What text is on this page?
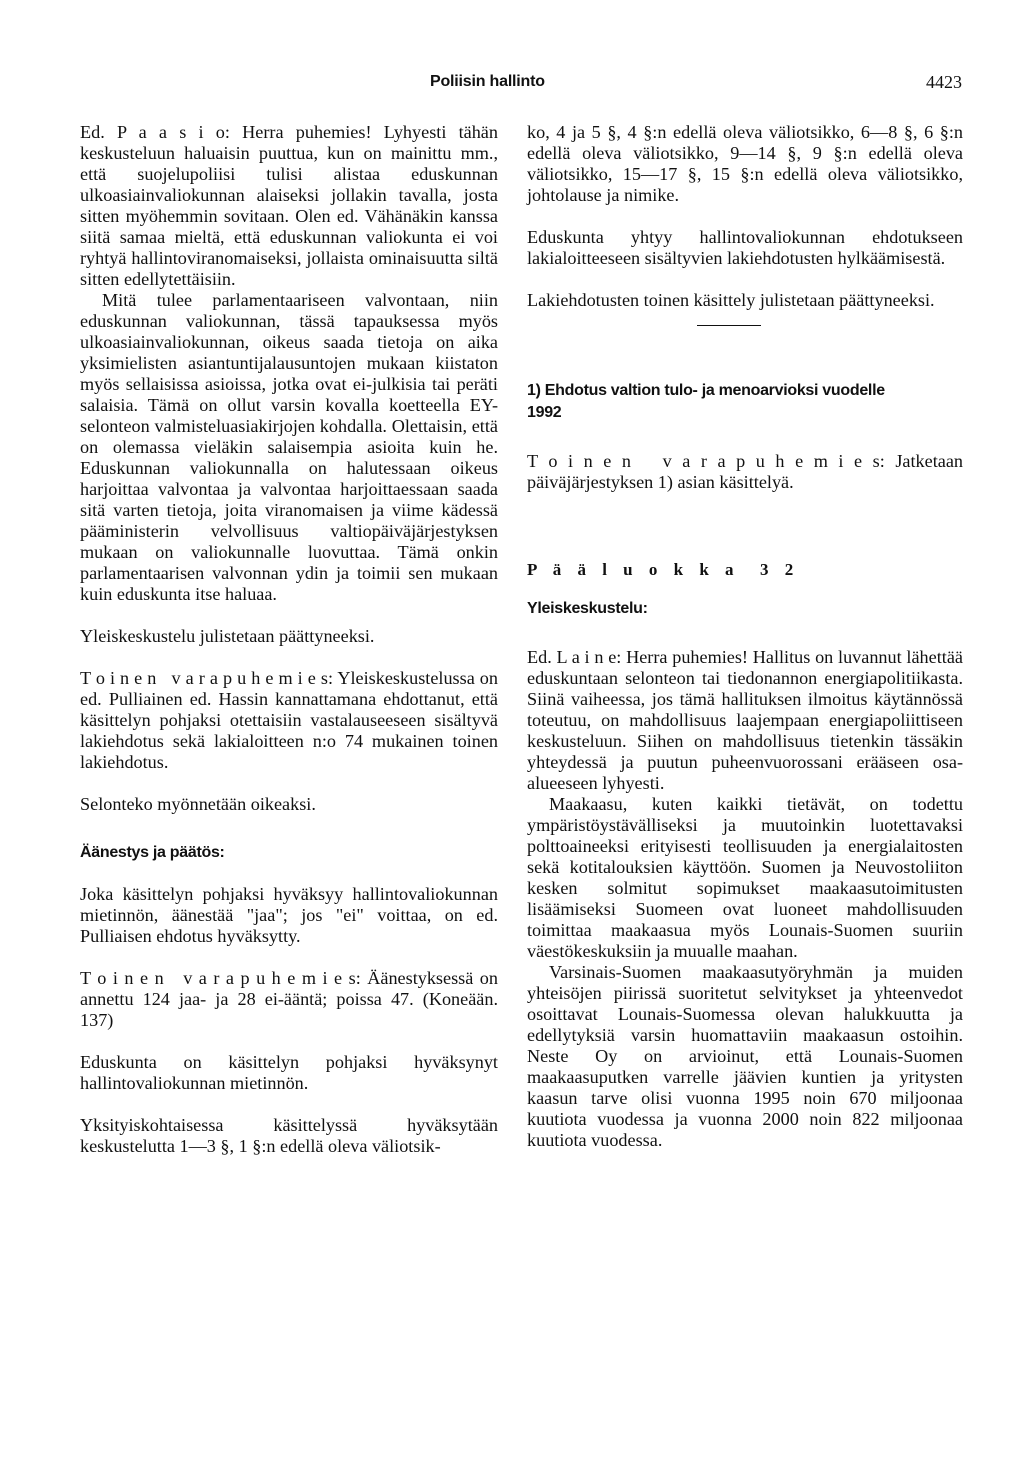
Poliisin hallinto	4423

Ed. P a a s i o: Herra puhemies! Lyhyesti tähän keskusteluun haluaisin puuttua, kun on mainittu mm., että suojelupoliisi tulisi alistaa eduskunnan ulkoasiainvaliokunnan alaiseksi jollakin tavalla, josta sitten myöhemmin sovitaan. Olen ed. Vähänäkin kanssa siitä samaa mieltä, että eduskunnan valiokunta ei voi ryhtyä hallintoviranomaiseksi, jollaista ominaisuutta siltä sitten edellytettäisiin.

Mitä tulee parlamentaariseen valvontaan, niin eduskunnan valiokunnan, tässä tapauksessa myös ulkoasiainvaliokunnan, oikeus saada tietoja on aika yksimielisten asiantuntijalausuntojen mukaan kiistaton myös sellaisissa asioissa, jotka ovat ei-julkisia tai peräti salaisia. Tämä on ollut varsin kovalla koetteella EY-selonteon valmisteluasiakirjojen kohdalla. Olettaisin, että on olemassa vieläkin salaisempia asioita kuin he. Eduskunnan valiokunnalla on halutessaan oikeus harjoittaa valvontaa ja valvontaa harjoittaessaan saada sitä varten tietoja, joita viranomaisen ja viime kädessä pääministerin velvollisuus valtiopäiväjärjestyksen mukaan on valiokunnalle luovuttaa. Tämä onkin parlamentaarisen valvonnan ydin ja toimii sen mukaan kuin eduskunta itse haluaa.

Yleiskeskustelu julistetaan päättyneeksi.

T o i n e n   v a r a p u h e m i e s: Yleiskeskustelussa on ed. Pulliainen ed. Hassin kannattamana ehdottanut, että käsittelyn pohjaksi otettaisiin vastalauseeseen sisältyvä lakiehdotus sekä lakialoitteen n:o 74 mukainen toinen lakiehdotus.

Selonteko myönnetään oikeaksi.

Äänestys ja päätös:

Joka käsittelyn pohjaksi hyväksyy hallintovaliokunnan mietinnön, äänestää "jaa"; jos "ei" voittaa, on ed. Pulliaisen ehdotus hyväksytty.

T o i n e n   v a r a p u h e m i e s: Äänestyksessä on annettu 124 jaa- ja 28 ei-ääntä; poissa 47. (Koneään. 137)

Eduskunta on käsittelyn pohjaksi hyväksynyt hallintovaliokunnan mietinnön.

Yksityiskohtaisessa käsittelyssä hyväksytään keskustelutta 1—3 §, 1 §:n edellä oleva väliotsik-

ko, 4 ja 5 §, 4 §:n edellä oleva väliotsikko, 6—8 §, 6 §:n edellä oleva väliotsikko, 9—14 §, 9 §:n edellä oleva väliotsikko, 15—17 §, 15 §:n edellä oleva väliotsikko, johtolause ja nimike.

Eduskunta yhtyy hallintovaliokunnan ehdotukseen lakialoitteeseen sisältyvien lakiehdotusten hylkäämisestä.

Lakiehdotusten toinen käsittely julistetaan päättyneeksi.

1) Ehdotus valtion tulo- ja menoarvioksi vuodelle
1992

T o i n e n   v a r a p u h e m i e s: Jatketaan päiväjärjestyksen 1) asian käsittelyä.

P ä ä l u o k k a  3 2

Yleiskeskustelu:

Ed. L a i n e: Herra puhemies! Hallitus on luvannut lähettää eduskuntaan selonteon tai tiedonannon energiapolitiikasta. Siinä vaiheessa, jos tämä hallituksen ilmoitus käytännössä toteutuu, on mahdollisuus laajempaan energiapoliittiseen keskusteluun. Siihen on mahdollisuus tietenkin tässäkin yhteydessä ja puutun puheenvuorossani erääseen osa-alueeseen lyhyesti.

Maakaasu, kuten kaikki tietävät, on todettu ympäristöystävälliseksi ja muutoinkin luotettavaksi polttoaineeksi erityisesti teollisuuden ja energialaitosten sekä kotitalouksien käyttöön. Suomen ja Neuvostoliiton kesken solmitut sopimukset maakaasutoimitusten lisäämiseksi Suomeen ovat luoneet mahdollisuuden toimittaa maakaasua myös Lounais-Suomen suuriin väestökeskuksiin ja muualle maahan.

Varsinais-Suomen maakaasutyöryhmän ja muiden yhteisöjen piirissä suoritetut selvitykset ja yhteenvedot osoittavat Lounais-Suomessa olevan halukkuutta ja edellytyksiä varsin huomattaviin maakaasun ostoihin. Neste Oy on arvioinut, että Lounais-Suomen maakaasuputken varrelle jäävien kuntien ja yritysten kaasun tarve olisi vuonna 1995 noin 670 miljoonaa kuutiota vuodessa ja vuonna 2000 noin 822 miljoonaa kuutiota vuodessa.
